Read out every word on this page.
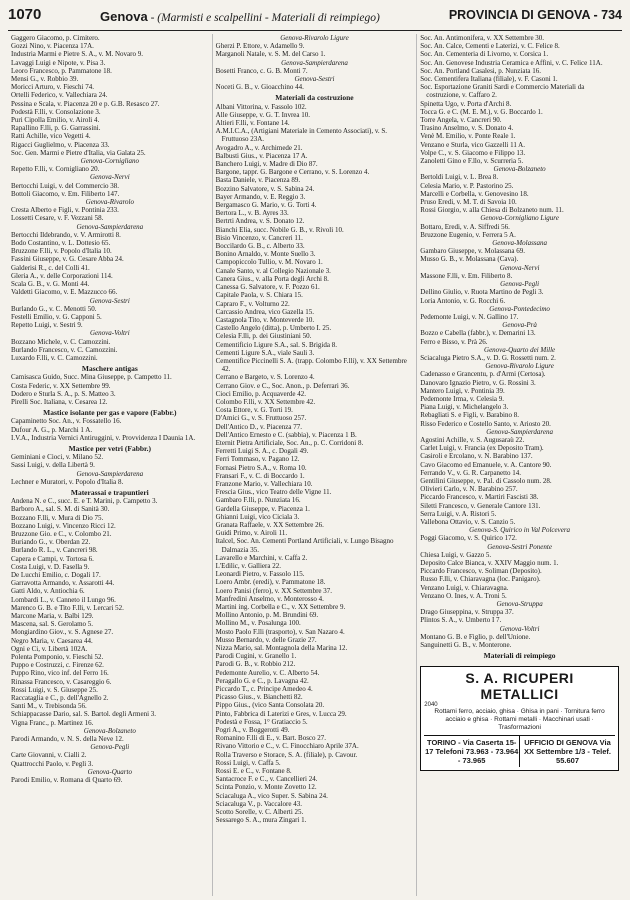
1070	Genova - (Marmisti e scalpellini - Materiali di reimpiego)	PROVINCIA DI GENOVA - 734

Gaggero Giacomo, p. Cimitero.

Gozzi Nino, v. Piacenza 17A.

Industria Marmi e Pietre S. A., v. M. Novaro 9.

Lavaggi Luigi e Nipote, v. Pisa 3.

Leoro Francesco, p. Pammatone 18.

Mensi G., v. Robbio 39.

Moricci Arturo, v. Fieschi 74.

Ortelli Federico, v. Vallechiara 24.

Pessina e Scala, v. Piacenza 20 e p. G.B. Resasco 27.

Podestà F.lli, v. Consolazione 3.

Puri Cipolla Emilio, v. Airoli 4.

Rapallino F.lli, p. G. Garrassini.

Ratti Achille, vico Vegetti 4.

Rigacci Guglielmo, v. Piacenza 33.

Soc. Gen. Marmi e Pietre d'Italia, via Galata 25.

Genova-Cornigliano

Repetto F.lli, v. Cornigliano 20.

Genova-Nervi

Bertocchi Luigi, v. del Commercio 38.

Bottoli Giacomo, v. Em. Filiberto 147.

Genova-Rivarolo

Cresta Alberto e Figli, v. Pontinia 233.

Lossetti Cesare, v. F. Vezzani 58.

Genova-Sampierdarena

Bertocchi Ildebrando, v. V. Armirotti 8.

Bodo Costantino, v. L. Dottesio 65.

Bruzzone F.lli, v. Popolo d'Italia 10.

Fassini Giuseppe, v. G. Cesare Abba 24.

Galderisi R., c. del Colli 41.

Gleria A., v. delle Corporazioni 114.

Scala G. B., v. G. Monti 44.

Valdetti Giacomo, v. E. Mazzucco 66.

Genova-Sestri

Burlando G., v. C. Menotti 50.

Festelli Emilio, v. G. Capponi 5.

Repetto Luigi, v. Sestri 9.

Genova-Voltri

Bozzano Michele, v. C. Camozzini.

Burlando Francesco, v. C. Camozzini.

Luxardo F.lli, v. C. Camozzini.

Maschere antigas

Camisasca Guido, Succ. Mina Giuseppe, p. Campetto 11.

Costa Federic, v. XX Settembre 99.

Dodero e Sturla S. A., p. S. Matteo 3.

Pirelli Soc. Italiana, v. Cesarea 12.

Mastice isolante per gas e vapore (Fabbr.)

Capaminetto Soc. An., v. Fossatello 16.

Dufour A. G., p. Marchi 1 A.

I.V.A., Industria Vernici Antiruggini, v. Provvidenza I Daunia 1A.

Mastice per vetri (Fabbr.)

Geminiani e Cioci, v. Milano 52.

Sassi Luigi, v. della Libertà 9.

Genova-Sampierdarena

Lechner e Muratori, v. Popolo d'Italia 8.

Materassai e trapuntieri

Andena N. e C., succ. E. e T. Marini, p. Campetto 3.

Barboro A., sal. S. M. di Sanità 30.

Bozzano F.lli, v. Mura di Dio 75.

Bozzano Luigi, v. Vincenzo Ricci 12.

Bruzzone Gio. e C., v. Colombo 21.

Buriando G., v. Oberdan 22.

Burlando R. L., v. Cancreri 98.

Capera e Campi, v. Tortosa 6.

Costa Luigi, v. D. Fasella 9.

De Lucchi Emilio, c. Dogali 17.

Garravotta Armando, v. Assarotti 44.

Gatti Aldo, v. Antiochia 6.

Lombardi L., v. Canneto il Lungo 96.

Marenco G. B. e Tito F.lli, v. Lercari 52.

Marcone Maria, v. Balbi 129.

Mascena, sal. S. Gerolamo 5.

Mongiardino Giov., v. S. Agnese 27.

Negro Maria, v. Caesarea 44.

Ogni e Ci, v. Libertà 102A.

Polenta Pomponio, v. Fieschi 52.

Puppo e Costruzzi, c. Firenze 62.

Puppo Rino, vico inf. del Ferro 16.

Rinassa Francesco, v. Casareggio 6.

Rossi Luigi, v. S. Giuseppe 25.

Raccataglia e C., p. dell'Agnello 2.

Santi M., v. Trebisonda 56.

Schiappacasse Dario, sal. S. Bartol. degli Armeni 3.

Vigna Franc., p. Martinez 16.

Genova-Bolzaneto

Parodi Armando, v. N. S. della Neve 12.

Genova-Pegli

Carte Giovanni, v. Cialli 2.

Quattrocchi Paolo, v. Pegli 3.

Genova-Quarto

Parodi Emilio, v. Romana di Quarto 69.

Genova-Rivarolo Ligure

Gherzi P. Ettore, v. Adamello 9.

Marganoli Natale, v. S. M. del Carso 1.

Genova-Sampierdarena

Bosetti Franco, c. G. B. Monti 7.

Genova-Sestri

Noceti G. B., v. Gioacchino 44.

Materiali da costruzione

Albani Vittorina, v. Fassolo 102.

Alle Giuseppe, v. G. T. Invrea 10.

Altieri F.lli, v. Fontane 14.

A.M.I.C.A., (Artigiani Materiale in Cemento Associati), v. S. Fruttuoso 23A.

Avogadro A., v. Archimede 21.

Balbusti Gius., v. Piacenza 17 A.

Banchero Luigi, v. Madre di Dio 87.

Bargone, tappr. G. Bargone e Cerrano, v. S. Lorenzo 4.

Basta Daniele, v. Piacenza 89.

Bozzino Salvatore, v. S. Sabina 24.

Bayer Armando, v. E. Reggio 3.

Bergamasco G. Mario, v. G. Torti 4.

Bertora L., v. B. Ayres 33.

Bertrti Andrea, v. S. Donato 12.

Bianchi Elia, succ. Nobile G. B., v. Rivoli 10.

Bisio Vincenzo, v. Cancreri 11.

Boccilardo G. B., c. Alberto 33.

Bonino Arnaldo, v. Monte Suello 3.

Campopiccolo Tullio, v. M. Novaro 1.

Canale Santo, v. al Collegio Nazionale 3.

Canera Gius., v. alla Porta degli Archi 8.

Canessa G. Salvatore, v. F. Pozzo 61.

Capitale Paola, v. S. Chiara 15.

Capraro F., v. Volturno 22.

Carcassio Andrea, vico Gazella 15.

Castagnola Tito, v. Monteverde 10.

Castello Angelo (ditta), p. Umberto I. 25.

Celesia F.lli, p. dei Giustiniani 50.

Cementificio Ligure S.A., sal. S. Brigida 8.

Cementi Ligure S.A., viale Sauli 3.

Cementifice Piccinelli S. A. (trapp. Colombo F.lli), v. XX Settembre 42.

Cerrano e Bargeto, v. S. Lorenzo 4.

Cerrano Giov. e C., Soc. Anon., p. Deferrari 36.

Cioci Emilio, p. Acquaverde 42.

Colombo F.lli, v. XX Settembre 42.

Costa Ettore, v. G. Torti 19.

D'Amici G., v. S. Fruttuoso 257.

Dell'Antico D., v. Piacenza 77.

Dell'Antico Ernesto e C. (sabbia), v. Piacenza 1 B.

Eternit Pietra Artificiale, Soc. An., p. C. Corridoni 8.

Ferretti Luigi S. A., c. Dogali 49.

Ferri Tommaso, v. Pagano 12.

Fornasi Pietro S.A., v. Roma 10.

Fransari F., v. C. di Boccardo 1.

Franzone Mario, v. Vallechiara 10.

Frescia Gius., vico Teatro delle Vigne 11.

Gambaro F.lli, p. Nunziata 16.

Gardella Giuseppe, v. Piacenza 1.

Ghianni Luigi, vico Ciciala 3.

Granata Raffaele, v. XX Settembre 26.

Guidi Primo, v. Airoli 11.

Italcel, Soc. An. Cementi Portland Artificiali, v. Lungo Bisagno Dalmazia 35.

Lavarello e Marchini, v. Caffa 2.

L'Edilic, v. Galliera 22.

Leonardi Pietro, v. Fassolo 115.

Loero Ambr. (eredi), v. Pammatone 18.

Loero Panisi (ferro), v. XX Settembre 37.

Manfredini Anselmo, v. Monterosso 4.

Martini ing. Corbella e C., v. XX Settembre 9.

Mollino Antonio, p. M. Brundini 69.

Mollino M., v. Posalunga 100.

Mosto Paolo F.lli (trasporto), v. San Nazaro 4.

Musso Bernardo, v. delle Grazie 27.

Nizza Mario, sal. Montagnola della Marina 12.

Parodi Cugini, v. Granello 1.

Parodi G. B., v. Robbio 212.

Pedemonte Aurelio, v. C. Alberto 54.

Peragallo G. e C., p. Lavagna 42.

Piccardo T., c. Principe Amedeo 4.

Picasso Gius., v. Bianchetti 82.

Pippo Gius., (vico Santa Consolata 20.

Pinto, Fabbrica di Laterizi e Gres, v. Lucca 29.

Podestà e Fossa, 1° Gratiaccio 5.

Pogri A., v. Boggerotti 49.

Romanino F.lli di E., v. Bart. Bosco 27.

Rivano Vittorio e C., v. C. Finocchiaro Aprile 37A.

Rolla Traverso e Storace, S. A. (filiale), p. Cavour.

Rossi Luigi, v. Caffa 5.

Rossi E. e C., v. Fontane 8.

Santacroce F. e C., v. Cancellieri 24.

Scinta Ponzio, v. Monte Zovetto 12.

Sciacaluga A., vico Super. S. Sabina 24.

Sciacaluga V., p. Vaccalore 43.

Scotto Sorelle, v. C. Alberti 25.

Sessarego S. A., mura Zingari 1.

Soc. An. Antimonifera, v. XX Settembre 30.

Soc. An. Calce, Cementi e Laterizi, v. C. Felice 8.

Soc. An. Cementeria di Livorno, v. Corsica 1.

Soc. An. Genovese Industria Ceramica e Affini, v. C. Felice 11A.

Soc. An. Portland Casalesi, p. Nunziata 16.

Soc. Cementifera Italiana (filiale), v. F. Casoni 1.

Soc. Esportazione Graniti Sardi e Commercio Materiali da costruzione, v. Caffaro 2.

Spinetta Ugo, v. Porta d'Archi 8.

Tocca G. e C. (M. E. M.), v. G. Boccardo 1.

Torre Angela, v. Cancreri 90.

Trasino Anselmo, v. S. Donato 4.

Venè M. Emilio, v. Ponte Reale 1.

Venzano e Sturla, vico Gazzelli 11 A.

Volpe C., v. S. Giacomo e Filippo 13.

Zanoletti Gino e F.llo, v. Scurreria 5.

Genova-Bolzaneto

Bertoldi Luigi, v. L. Brea 8.

Celesia Mario, v. P. Pastorino 25.

Marcelli e Corbella, v. Genovesino 18.

Pruso Eredi, v. M. T. di Savoia 10.

Rossi Giorgio, v. alla Chiesa di Bolzaneto num. 11.

Genova-Cornigliano Ligure

Bottaro, Eredi, v. A. Siffredi 56.

Bruzzone Eugenio, v. Ferrera 5 A.

Genova-Molassana

Gambaro Giuseppe, v. Molassana 69.

Musso G. B., v. Molassana (Cava).

Genova-Nervi

Massone F.lli, v. Em. Filiberto 8.

Genova-Pegli

Dellino Giulio, v. Ruota Martino de Pegli 3.

Loria Antonio, v. G. Rocchi 6.

Genova-Pontedecimo

Pedemonte Luigi, v. N. Gallino 17.

Genova-Prà

Bozzo e Cabella (fabbr.), v. Demarini 13.

Ferro e Bisso, v. Prà 26.

Genova-Quarto dei Mille

Sciacaluga Pietro S.A., v. D. G. Rossetti num. 2.

Genova-Rivarolo Ligure

Cadenasso e Grancentu, p. d'Armi (Certosa).

Danovaro Ignazio Pietro, v. G. Rossini 3.

Mantero Luigi, v. Pontinia 39.

Pedemonte Irma, v. Celesia 9.

Piana Luigi, v. Michelangelo 3.

Rebagliati S. e Figli, v. Barabino 8.

Risso Federico e Costello Santo, v. Ariosto 20.

Genova-Sampierdarena

Agostini Achille, v. S. Augusaraù 22.

Carlet Luigi, v. Francia (ex Deposito Tram).

Casiroli e Ercolano, v. N. Barabino 137.

Cavo Giacomo ed Emanuele, v. A. Cantore 90.

Ferrando V., v. G. R. Carpanetto 14.

Gentilini Giuseppe, v. Pal. di Cassolo num. 28.

Olivieri Carlo, v. N. Barabino 257.

Piccardo Francesco, v. Martiri Fascisti 38.

Siletti Francesco, v. Generale Cantore 131.

Serra Luigi, v. A. Ristori 5.

Vallebona Ottavio, v. S. Canzio 5.

Genova-S. Quirico in Val Polcevera

Poggi Giacomo, v. S. Quirico 172.

Genova-Sestri Ponente

Chiesa Luigi, v. Gazzo 5.

Deposito Calce Bianca, v. XXIV Maggio num. 1.

Piccardo Francesco, v. Soliman (Deposito).

Russo F.lli, v. Chiaravagna (loc. Panigaro).

Venzano Luigi, v. Chiaravagna.

Venzano O. Ines, v. A. Troni 5.

Genova-Struppa

Drago Giuseppina, v. Struppa 37.

Plintos S. A., v. Umberto I 7.

Genova-Voltri

Montano G. B. e Figlio, p. dell'Unione.

Sanguinetti G. B., v. Monterone.

Materiali di reimpiego

S. A. RICUPERI METALLICI
2040
Rottami ferro, acciaio, ghisa · Ghisa in pani · Tornitura ferro acciaio e ghisa · Rottami metalli · Macchinari usati · Trasformazioni
TORINO - Via Caserta 15-17 Telefoni 73.963 - 73.964 - 73.965
UFFICIO DI GENOVA Via XX Settembre 1/3 - Telef. 55.607
